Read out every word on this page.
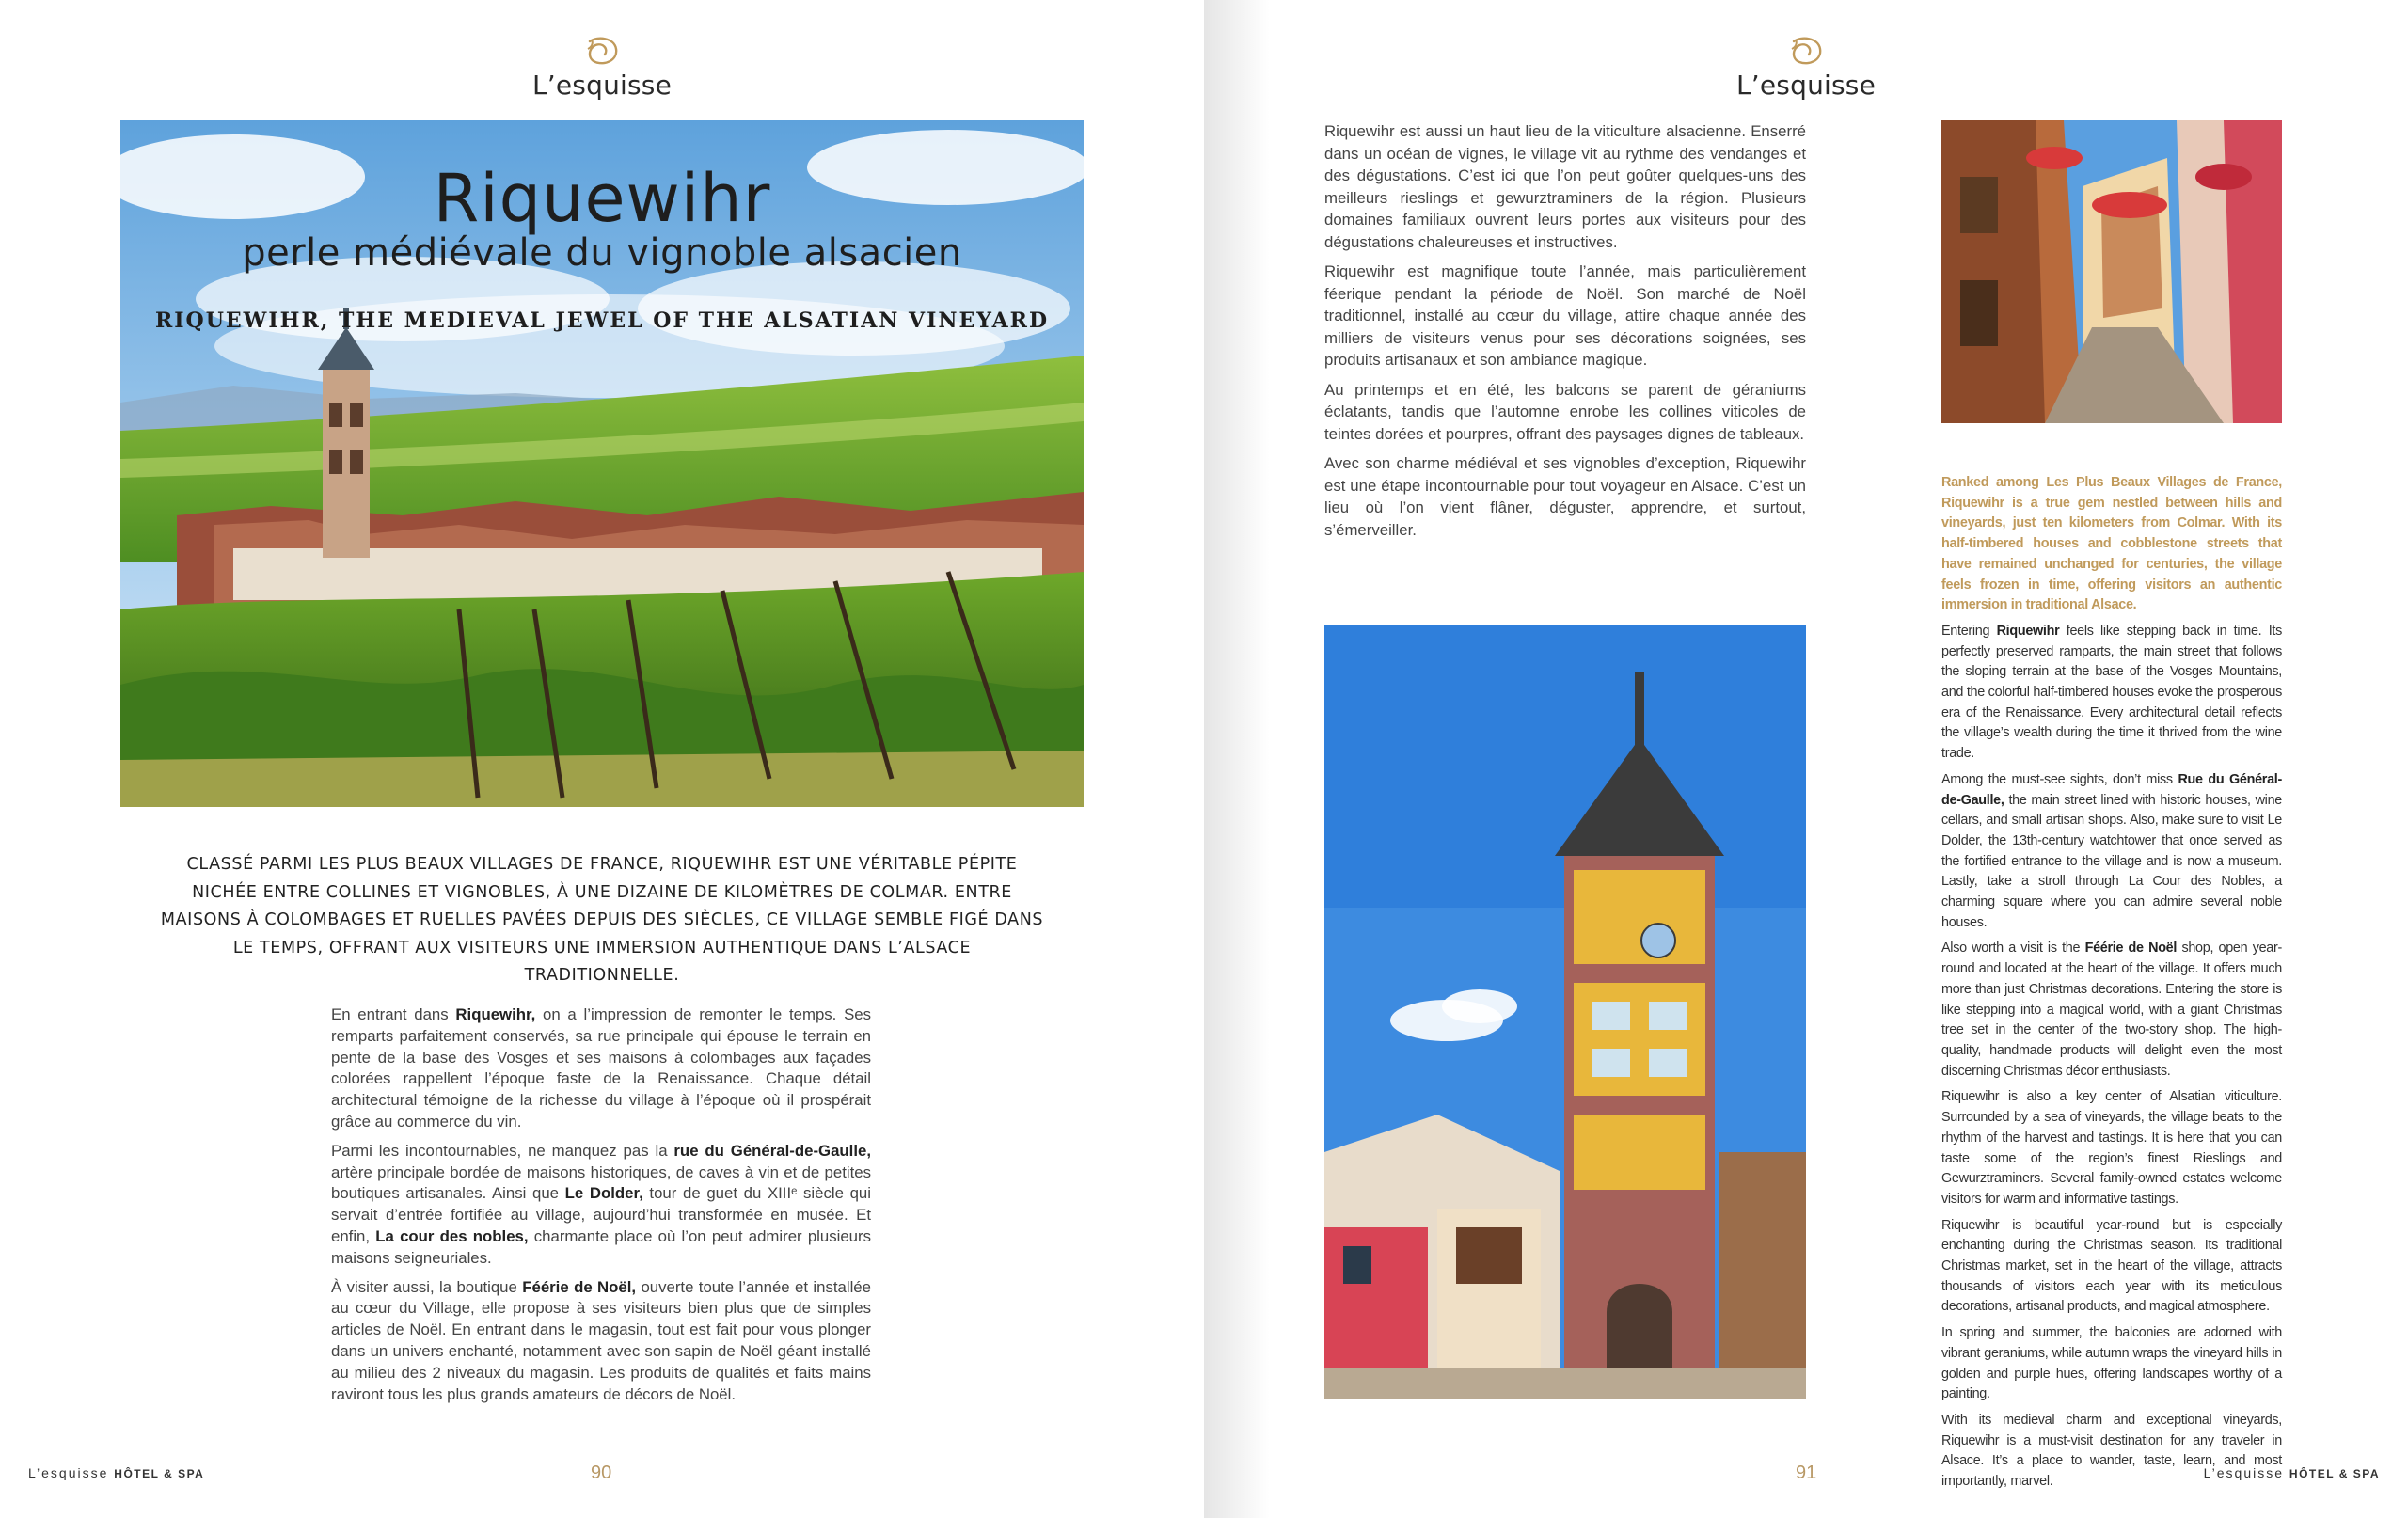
L’esquisse
Riquewihr
perle médiévale du vignoble alsacien
RIQUEWIHR, THE MEDIEVAL JEWEL OF THE ALSATIAN VINEYARD
CLASSÉ PARMI LES PLUS BEAUX VILLAGES DE FRANCE, RIQUEWIHR EST UNE VÉRITABLE PÉPITE NICHÉE ENTRE COLLINES ET VIGNOBLES, À UNE DIZAINE DE KILOMÈTRES DE COLMAR. ENTRE MAISONS À COLOMBAGES ET RUELLES PAVÉES DEPUIS DES SIÈCLES, CE VILLAGE SEMBLE FIGÉ DANS LE TEMPS, OFFRANT AUX VISITEURS UNE IMMERSION AUTHENTIQUE DANS L’ALSACE TRADITIONNELLE.

En entrant dans Riquewihr, on a l’impression de remonter le temps. Ses remparts parfaitement conservés, sa rue principale qui épouse le terrain en pente de la base des Vosges et ses maisons à colombages aux façades colorées rappellent l’époque faste de la Renaissance. Chaque détail architectural témoigne de la richesse du village à l’époque où il prospérait grâce au commerce du vin.

Parmi les incontournables, ne manquez pas la rue du Général-de-Gaulle, artère principale bordée de maisons historiques, de caves à vin et de petites boutiques artisanales. Ainsi que Le Dolder, tour de guet du XIIIᵉ siècle qui servait d’entrée fortifiée au village, aujourd’hui transformée en musée. Et enfin, La cour des nobles, charmante place où l’on peut admirer plusieurs maisons seigneuriales.

À visiter aussi, la boutique Féérie de Noël, ouverte toute l’année et installée au cœur du Village, elle propose à ses visiteurs bien plus que de simples articles de Noël. En entrant dans le magasin, tout est fait pour vous plonger dans un univers enchanté, notamment avec son sapin de Noël géant installé au milieu des 2 niveaux du magasin. Les produits de qualités et faits mains raviront tous les plus grands amateurs de décors de Noël.

L’esquisse HÔTEL & SPA	90
L’esquisse

Riquewihr est aussi un haut lieu de la viticulture alsacienne. Enserré dans un océan de vignes, le village vit au rythme des vendanges et des dégustations. C’est ici que l’on peut goûter quelques-uns des meilleurs rieslings et gewurztraminers de la région. Plusieurs domaines familiaux ouvrent leurs portes aux visiteurs pour des dégustations chaleureuses et instructives.

Riquewihr est magnifique toute l’année, mais particulièrement féerique pendant la période de Noël. Son marché de Noël traditionnel, installé au cœur du village, attire chaque année des milliers de visiteurs venus pour ses décorations soignées, ses produits artisanaux et son ambiance magique.

Au printemps et en été, les balcons se parent de géraniums éclatants, tandis que l’automne enrobe les collines viticoles de teintes dorées et pourpres, offrant des paysages dignes de tableaux.

Avec son charme médiéval et ses vignobles d’exception, Riquewihr est une étape incontournable pour tout voyageur en Alsace. C’est un lieu où l’on vient flâner, déguster, apprendre, et surtout, s’émerveiller.

Ranked among Les Plus Beaux Villages de France, Riquewihr is a true gem nestled between hills and vineyards, just ten kilometers from Colmar. With its half-timbered houses and cobblestone streets that have remained unchanged for centuries, the village feels frozen in time, offering visitors an authentic immersion in traditional Alsace.

Entering Riquewihr feels like stepping back in time. Its perfectly preserved ramparts, the main street that follows the sloping terrain at the base of the Vosges Mountains, and the colorful half-timbered houses evoke the prosperous era of the Renaissance. Every architectural detail reflects the village’s wealth during the time it thrived from the wine trade.

Among the must-see sights, don’t miss Rue du Général-de-Gaulle, the main street lined with historic houses, wine cellars, and small artisan shops. Also, make sure to visit Le Dolder, the 13th-century watchtower that once served as the fortified entrance to the village and is now a museum. Lastly, take a stroll through La Cour des Nobles, a charming square where you can admire several noble houses.

Also worth a visit is the Féérie de Noël shop, open year-round and located at the heart of the village. It offers much more than just Christmas decorations. Entering the store is like stepping into a magical world, with a giant Christmas tree set in the center of the two-story shop. The high-quality, handmade products will delight even the most discerning Christmas décor enthusiasts.

Riquewihr is also a key center of Alsatian viticulture. Surrounded by a sea of vineyards, the village beats to the rhythm of the harvest and tastings. It is here that you can taste some of the region’s finest Rieslings and Gewurztraminers. Several family-owned estates welcome visitors for warm and informative tastings.

Riquewihr is beautiful year-round but is especially enchanting during the Christmas season. Its traditional Christmas market, set in the heart of the village, attracts thousands of visitors each year with its meticulous decorations, artisanal products, and magical atmosphere.

In spring and summer, the balconies are adorned with vibrant geraniums, while autumn wraps the vineyard hills in golden and purple hues, offering landscapes worthy of a painting.

With its medieval charm and exceptional vineyards, Riquewihr is a must-visit destination for any traveler in Alsace. It’s a place to wander, taste, learn, and most importantly, marvel.

91	L’esquisse HÔTEL & SPA
